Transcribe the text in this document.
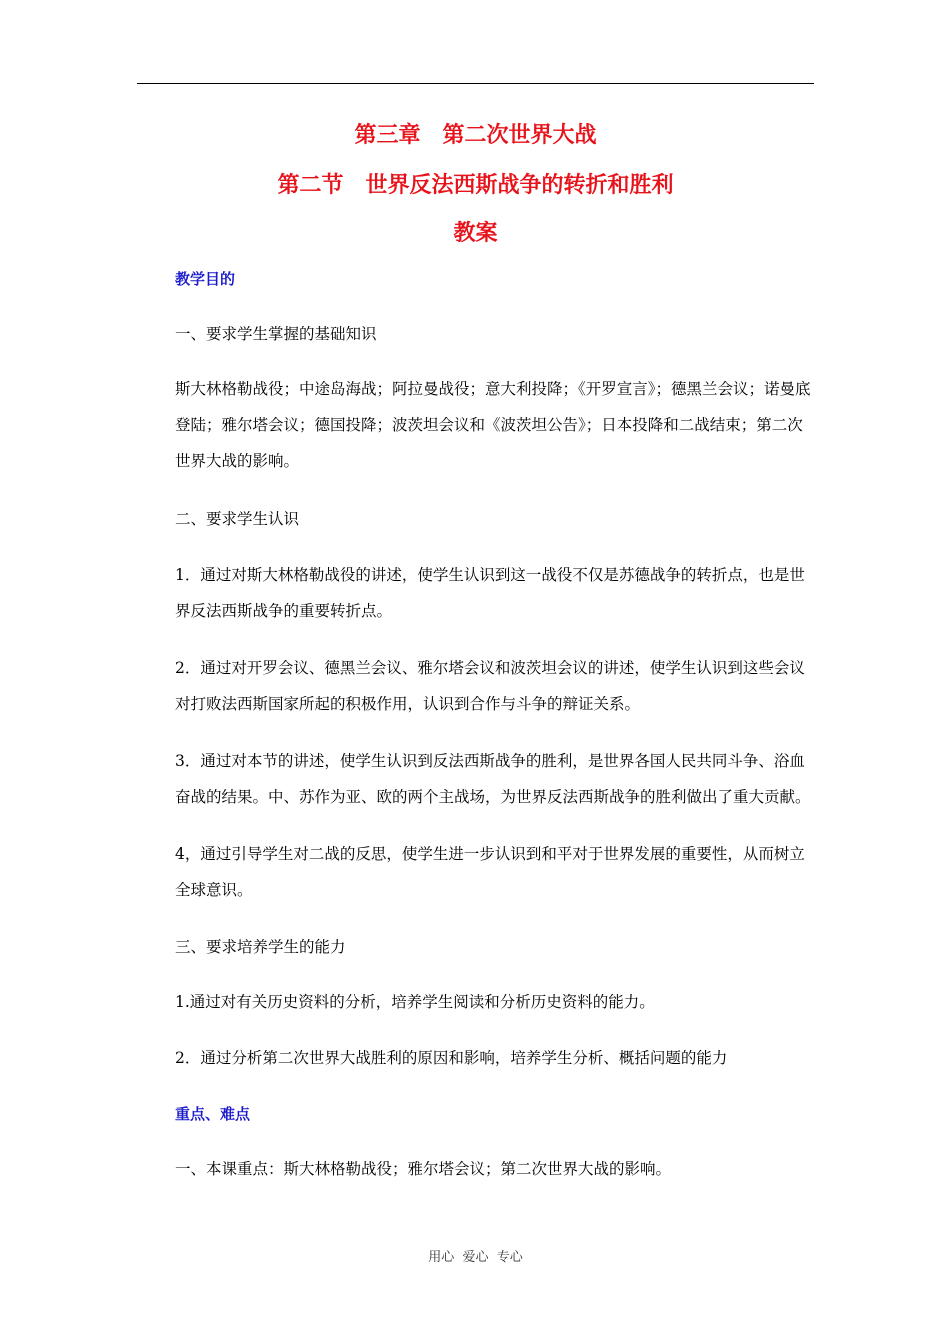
第三章　第二次世界大战
第二节　世界反法西斯战争的转折和胜利
教案
教学目的
一、要求学生掌握的基础知识
斯大林格勒战役；中途岛海战；阿拉曼战役；意大利投降；《开罗宣言》；德黑兰会议；诺曼底登陆；雅尔塔会议；德国投降；波茨坦会议和《波茨坦公告》；日本投降和二战结束；第二次世界大战的影响。
二、要求学生认识
1．通过对斯大林格勒战役的讲述，使学生认识到这一战役不仅是苏德战争的转折点，也是世界反法西斯战争的重要转折点。
2．通过对开罗会议、德黑兰会议、雅尔塔会议和波茨坦会议的讲述，使学生认识到这些会议对打败法西斯国家所起的积极作用，认识到合作与斗争的辩证关系。
3．通过对本节的讲述，使学生认识到反法西斯战争的胜利，是世界各国人民共同斗争、浴血奋战的结果。中、苏作为亚、欧的两个主战场，为世界反法西斯战争的胜利做出了重大贡献。
4，通过引导学生对二战的反思，使学生进一步认识到和平对于世界发展的重要性，从而树立全球意识。
三、要求培养学生的能力
1.通过对有关历史资料的分析，培养学生阅读和分析历史资料的能力。
2．通过分析第二次世界大战胜利的原因和影响，培养学生分析、概括问题的能力
重点、难点
一、本课重点：斯大林格勒战役；雅尔塔会议；第二次世界大战的影响。
用心  爱心  专心
